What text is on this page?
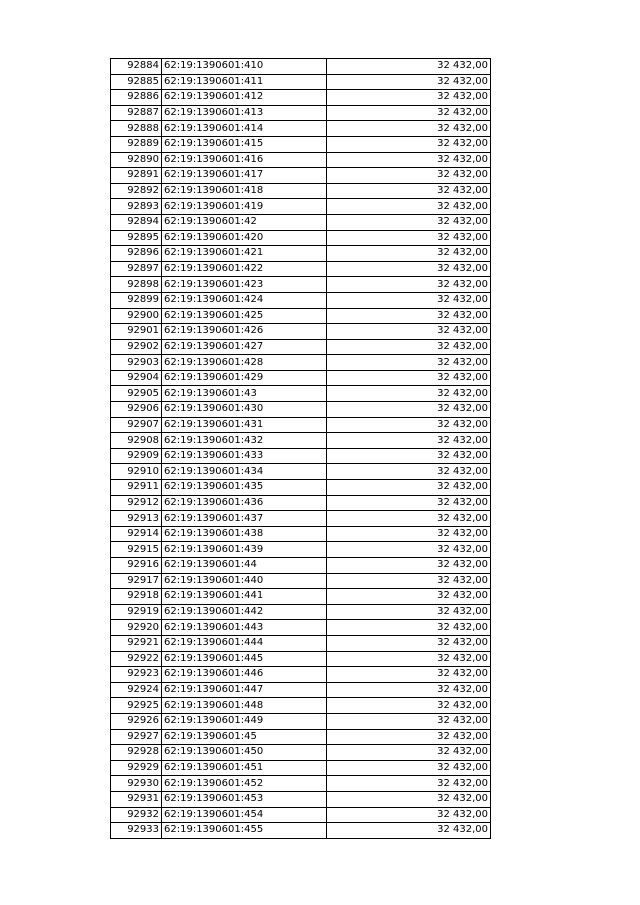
92884	62:19:1390601:410	32 432,00
92885	62:19:1390601:411	32 432,00
92886	62:19:1390601:412	32 432,00
92887	62:19:1390601:413	32 432,00
92888	62:19:1390601:414	32 432,00
92889	62:19:1390601:415	32 432,00
92890	62:19:1390601:416	32 432,00
92891	62:19:1390601:417	32 432,00
92892	62:19:1390601:418	32 432,00
92893	62:19:1390601:419	32 432,00
92894	62:19:1390601:42	32 432,00
92895	62:19:1390601:420	32 432,00
92896	62:19:1390601:421	32 432,00
92897	62:19:1390601:422	32 432,00
92898	62:19:1390601:423	32 432,00
92899	62:19:1390601:424	32 432,00
92900	62:19:1390601:425	32 432,00
92901	62:19:1390601:426	32 432,00
92902	62:19:1390601:427	32 432,00
92903	62:19:1390601:428	32 432,00
92904	62:19:1390601:429	32 432,00
92905	62:19:1390601:43	32 432,00
92906	62:19:1390601:430	32 432,00
92907	62:19:1390601:431	32 432,00
92908	62:19:1390601:432	32 432,00
92909	62:19:1390601:433	32 432,00
92910	62:19:1390601:434	32 432,00
92911	62:19:1390601:435	32 432,00
92912	62:19:1390601:436	32 432,00
92913	62:19:1390601:437	32 432,00
92914	62:19:1390601:438	32 432,00
92915	62:19:1390601:439	32 432,00
92916	62:19:1390601:44	32 432,00
92917	62:19:1390601:440	32 432,00
92918	62:19:1390601:441	32 432,00
92919	62:19:1390601:442	32 432,00
92920	62:19:1390601:443	32 432,00
92921	62:19:1390601:444	32 432,00
92922	62:19:1390601:445	32 432,00
92923	62:19:1390601:446	32 432,00
92924	62:19:1390601:447	32 432,00
92925	62:19:1390601:448	32 432,00
92926	62:19:1390601:449	32 432,00
92927	62:19:1390601:45	32 432,00
92928	62:19:1390601:450	32 432,00
92929	62:19:1390601:451	32 432,00
92930	62:19:1390601:452	32 432,00
92931	62:19:1390601:453	32 432,00
92932	62:19:1390601:454	32 432,00
92933	62:19:1390601:455	32 432,00
